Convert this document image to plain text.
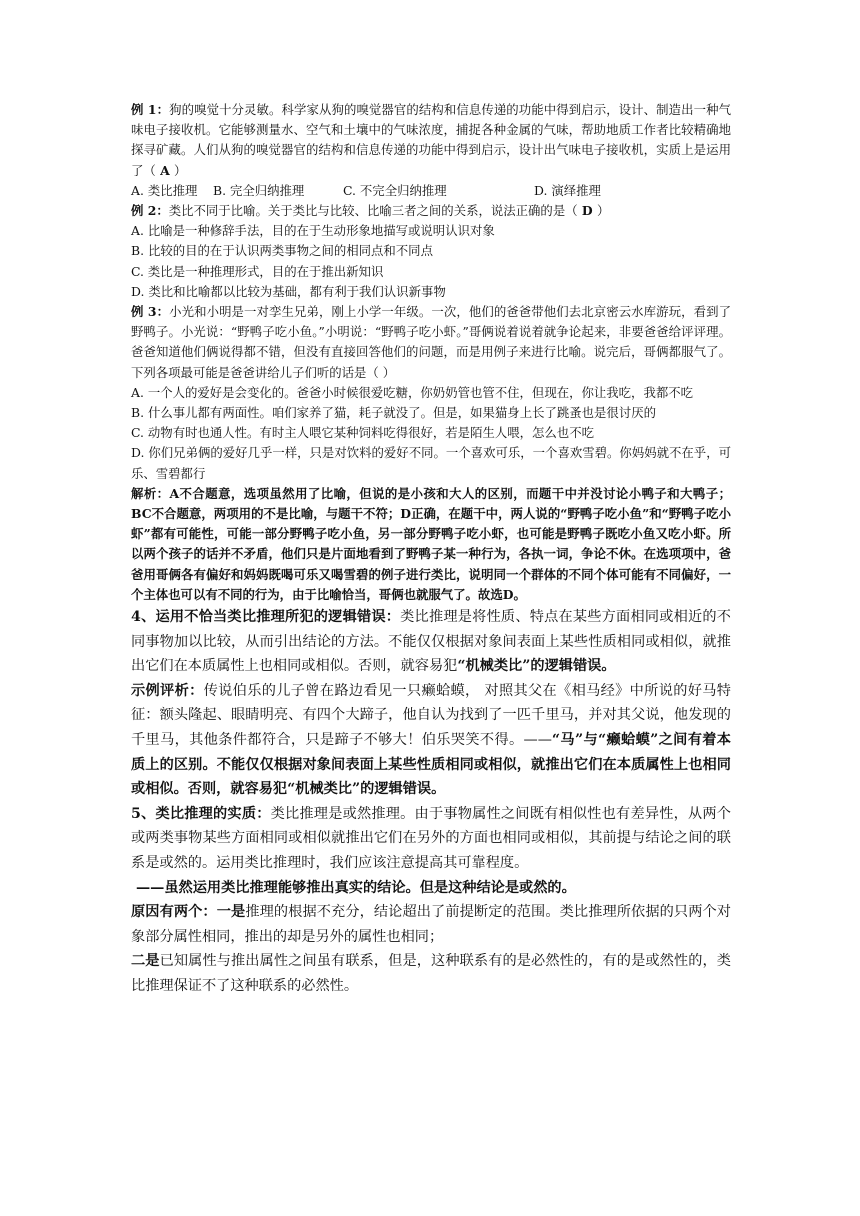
例 1：狗的嗅觉十分灵敏。科学家从狗的嗅觉器官的结构和信息传递的功能中得到启示，设计、制造出一种气味电子接收机。它能够测量水、空气和土壤中的气味浓度，捕捉各种金属的气味，帮助地质工作者比较精确地探寻矿藏。人们从狗的嗅觉器官的结构和信息传递的功能中得到启示，设计出气味电子接收机，实质上是运用了（ A ）

A. 类比推理	B. 完全归纳推理	C. 不完全归纳推理	D. 演绎推理

例 2：类比不同于比喻。关于类比与比较、比喻三者之间的关系，说法正确的是（ D ）

A. 比喻是一种修辞手法，目的在于生动形象地描写或说明认识对象

B. 比较的目的在于认识两类事物之间的相同点和不同点

C. 类比是一种推理形式，目的在于推出新知识

D. 类比和比喻都以比较为基础，都有利于我们认识新事物

例 3：小光和小明是一对孪生兄弟，刚上小学一年级。一次，他们的爸爸带他们去北京密云水库游玩，看到了野鸭子。小光说：“野鸭子吃小鱼。”小明说：“野鸭子吃小虾。”哥俩说着说着就争论起来，非要爸爸给评评理。爸爸知道他们俩说得都不错，但没有直接回答他们的问题，而是用例子来进行比喻。说完后，哥俩都服气了。下列各项最可能是爸爸讲给儿子们听的话是（ ）

A. 一个人的爱好是会变化的。爸爸小时候很爱吃糖，你奶奶管也管不住，但现在，你让我吃，我都不吃

B. 什么事儿都有两面性。咱们家养了猫，耗子就没了。但是，如果猫身上长了跳蚤也是很讨厌的

C. 动物有时也通人性。有时主人喂它某种饲料吃得很好，若是陌生人喂，怎么也不吃

D. 你们兄弟俩的爱好几乎一样，只是对饮料的爱好不同。一个喜欢可乐，一个喜欢雪碧。你妈妈就不在乎，可乐、雪碧都行

解析：A不合题意，选项虽然用了比喻，但说的是小孩和大人的区别，而题干中并没讨论小鸭子和大鸭子；BC不合题意，两项用的不是比喻，与题干不符；D正确，在题干中，两人说的“野鸭子吃小鱼”和“野鸭子吃小虾”都有可能性，可能一部分野鸭子吃小鱼，另一部分野鸭子吃小虾，也可能是野鸭子既吃小鱼又吃小虾。所以两个孩子的话并不矛盾，他们只是片面地看到了野鸭子某一种行为，各执一词，争论不休。在选项项中，爸爸用哥俩各有偏好和妈妈既喝可乐又喝雪碧的例子进行类比，说明同一个群体的不同个体可能有不同偏好，一个主体也可以有不同的行为，由于比喻恰当，哥俩也就服气了。故选D。

4、运用不恰当类比推理所犯的逻辑错误：类比推理是将性质、特点在某些方面相同或相近的不同事物加以比较，从而引出结论的方法。不能仅仅根据对象间表面上某些性质相同或相似，就推出它们在本质属性上也相同或相似。否则，就容易犯“机械类比”的逻辑错误。

示例评析：传说伯乐的儿子曾在路边看见一只癞蛤蟆， 对照其父在《相马经》中所说的好马特征：额头隆起、眼睛明亮、有四个大蹄子，他自认为找到了一匹千里马，并对其父说，他发现的千里马，其他条件都符合，只是蹄子不够大！伯乐哭笑不得。——“马”与“癞蛤蟆”之间有着本质上的区别。不能仅仅根据对象间表面上某些性质相同或相似，就推出它们在本质属性上也相同或相似。否则，就容易犯“机械类比”的逻辑错误。

5、类比推理的实质：类比推理是或然推理。由于事物属性之间既有相似性也有差异性，从两个或两类事物某些方面相同或相似就推出它们在另外的方面也相同或相似，其前提与结论之间的联系是或然的。运用类比推理时，我们应该注意提高其可靠程度。

——虽然运用类比推理能够推出真实的结论。但是这种结论是或然的。

原因有两个：一是推理的根据不充分，结论超出了前提断定的范围。类比推理所依据的只两个对象部分属性相同，推出的却是另外的属性也相同；

二是已知属性与推出属性之间虽有联系，但是，这种联系有的是必然性的，有的是或然性的，类比推理保证不了这种联系的必然性。
